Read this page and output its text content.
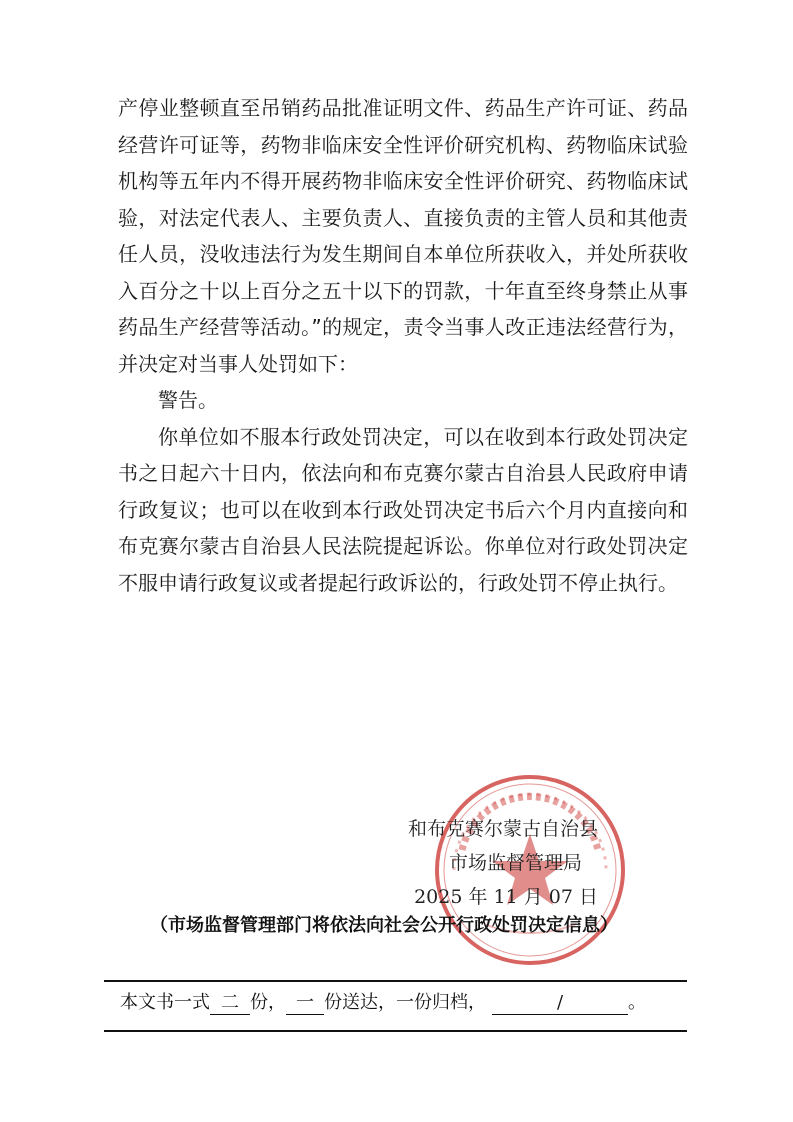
产停业整顿直至吊销药品批准证明文件、药品生产许可证、药品经营许可证等，药物非临床安全性评价研究机构、药物临床试验机构等五年内不得开展药物非临床安全性评价研究、药物临床试验，对法定代表人、主要负责人、直接负责的主管人员和其他责任人员，没收违法行为发生期间自本单位所获收入，并处所获收入百分之十以上百分之五十以下的罚款，十年直至终身禁止从事药品生产经营等活动。”的规定，责令当事人改正违法经营行为，并决定对当事人处罚如下：

警告。

你单位如不服本行政处罚决定，可以在收到本行政处罚决定书之日起六十日内，依法向和布克赛尔蒙古自治县人民政府申请行政复议；也可以在收到本行政处罚决定书后六个月内直接向和布克赛尔蒙古自治县人民法院提起诉讼。你单位对行政处罚决定不服申请行政复议或者提起行政诉讼的，行政处罚不停止执行。

和布克赛尔蒙古自治县
市场监督管理局
2025 年 11 月 07 日
（市场监督管理部门将依法向社会公开行政处罚决定信息）
本文书一式 二 份， 一 份送达，一份归档，	/	。
